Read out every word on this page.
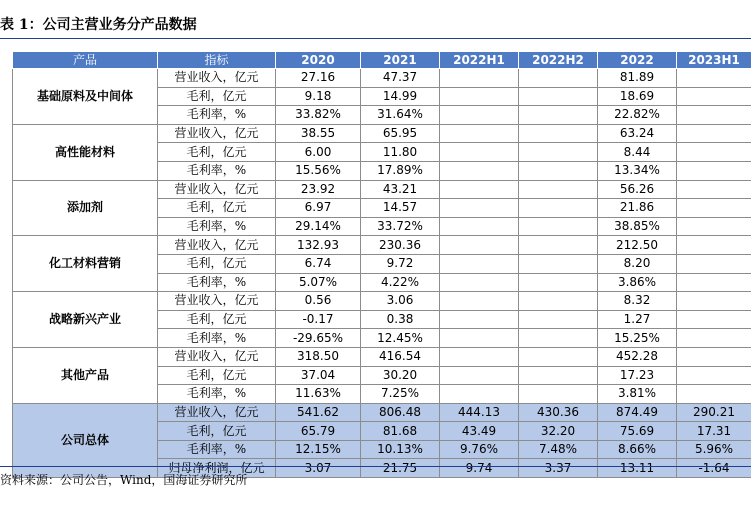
表 1：公司主营业务分产品数据
产品	指标	2020	2021	2022H1	2022H2	2022	2023H1
基础原料及中间体	营业收入，亿元	27.16	47.37			81.89	
	毛利，亿元	9.18	14.99			18.69	
	毛利率，%	33.82%	31.64%			22.82%	
高性能材料	营业收入，亿元	38.55	65.95			63.24	
	毛利，亿元	6.00	11.80			8.44	
	毛利率，%	15.56%	17.89%			13.34%	
添加剂	营业收入，亿元	23.92	43.21			56.26	
	毛利，亿元	6.97	14.57			21.86	
	毛利率，%	29.14%	33.72%			38.85%	
化工材料营销	营业收入，亿元	132.93	230.36			212.50	
	毛利，亿元	6.74	9.72			8.20	
	毛利率，%	5.07%	4.22%			3.86%	
战略新兴产业	营业收入，亿元	0.56	3.06			8.32	
	毛利，亿元	-0.17	0.38			1.27	
	毛利率，%	-29.65%	12.45%			15.25%	
其他产品	营业收入，亿元	318.50	416.54			452.28	
	毛利，亿元	37.04	30.20			17.23	
	毛利率，%	11.63%	7.25%			3.81%	
公司总体	营业收入，亿元	541.62	806.48	444.13	430.36	874.49	290.21
	毛利，亿元	65.79	81.68	43.49	32.20	75.69	17.31
	毛利率，%	12.15%	10.13%	9.76%	7.48%	8.66%	5.96%
	归母净利润，亿元	3.07	21.75	9.74	3.37	13.11	-1.64
资料来源：公司公告，Wind，国海证券研究所
